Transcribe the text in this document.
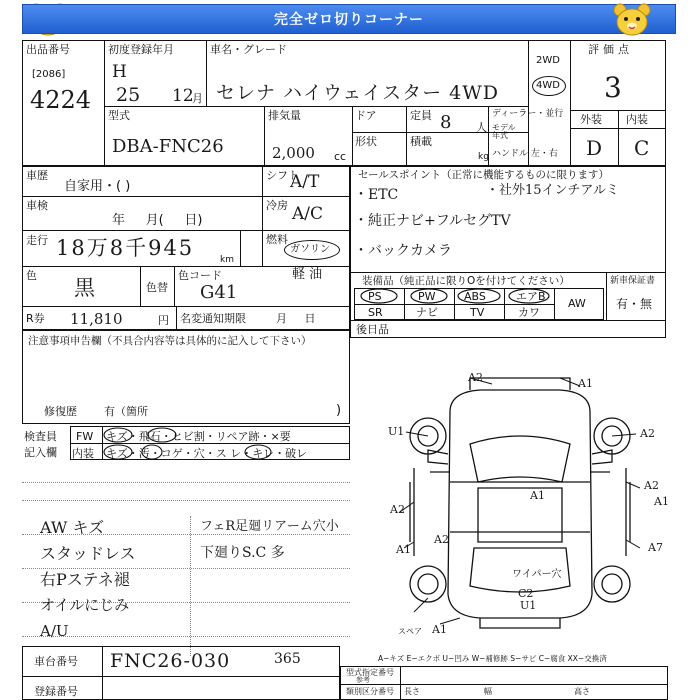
完全ゼロ切りコーナー
出品番号
[2086]
4224
初度登録年月
H
25 12
月
車名・グレード
セレナ ハイウェイスター 4WD
2WD
4WD
評価点
3
型式
DBA-FNC26
排気量
2,000 cc
ドア	定員 8 人
ディーラー・並行
モデル
年式
形状	積載
kg ハンドル 左・右
外装 内装
D C
車歴
自家用・( )
シフト
A/T
車検
年     月(     日)
冷房 A/C
走行 18万8千945	km
燃料
ガソリン
軽 油
色
黒	色替
色コード
G41
R券 11,810	円 名変通知期限	月     日
セールスポイント（正常に機能するものに限ります）
・ETC	・社外15インチアルミ
・純正ナビ+フルセグTV
・バックカメラ
装備品（純正品に限りOを付けてください）	新車保証書
有・無
PS	PW	ABS	エアB
AW
SR	ナビ	TV	カワ
後日品
注意事項申告欄（不具合内容等は具体的に記入して下さい）
修復歴 有（箇所	)
検査員
記入欄
FW キズ・飛石・ヒビ割・リペア跡・×要
内装 キズ・汚・コゲ・穴・ス レ・キレ・破レ
AW キズ
スタッドレス
右Pステネ褪
オイルにじみ
A/U
フェR足廻リアーム穴小
下廻りS.C 多
A2	A1
U1	A2
A2
A1
A2
A1
A2
A1	A7
ワイパー穴
C2
U1
スペア A1
A−キズ E−エクボ U−凹み W−補修跡 S−サビ C−腐食 XX−交換済
車台番号 FNC26-030	365
登録番号
型式指定番号
参考
類別区分番号 長さ	幅	高さ
